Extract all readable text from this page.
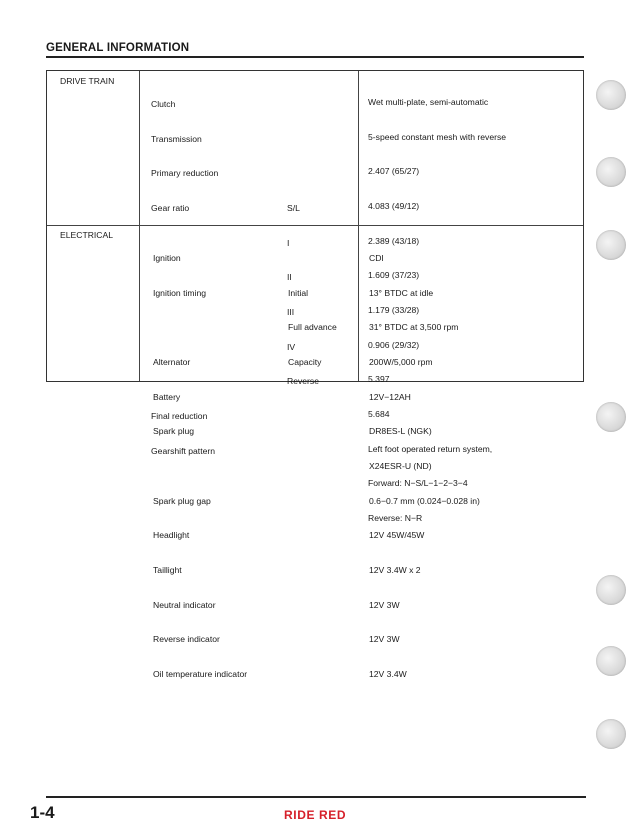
GENERAL INFORMATION
DRIVE TRAIN

Clutch

Transmission

Primary reduction

Gear ratio

Final reduction

Gearshift pattern

S/L

I

II

III

IV

Reverse

Wet multi-plate, semi-automatic

5-speed constant mesh with reverse

2.407 (65/27)

4.083 (49/12)

2.389 (43/18)

1.609 (37/23)

1.179 (33/28)

0.906 (29/32)

5.397

5.684

Left foot operated return system,

Forward: N−S/L−1−2−3−4

Reverse: N−R

ELECTRICAL

Ignition

Ignition timing

Alternator

Battery

Spark plug

Spark plug gap

Headlight

Taillight

Neutral indicator

Reverse indicator

Oil temperature indicator

Initial

Full advance

Capacity

CDI

13° BTDC at idle

31° BTDC at 3,500 rpm

200W/5,000 rpm

12V−12AH

DR8ES-L (NGK)

X24ESR-U (ND)

0.6−0.7 mm (0.024−0.028 in)

12V 45W/45W

12V 3.4W x 2

12V 3W

12V 3W

12V 3.4W

1-4	RIDE RED
